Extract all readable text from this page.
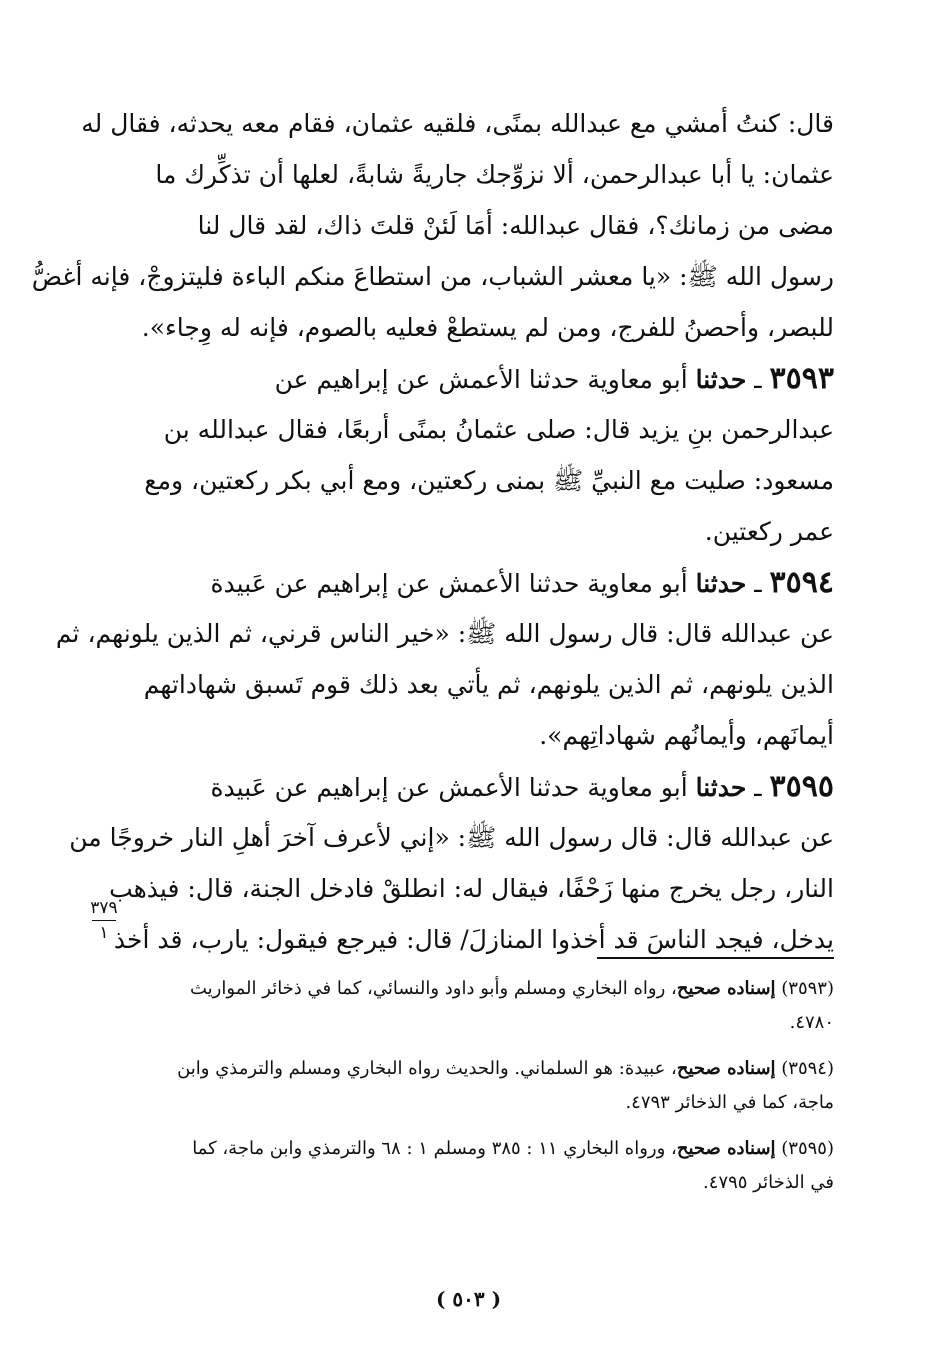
قال: كنتُ أمشي مع عبدالله بمنًى، فلقيه عثمان، فقام معه يحدثه، فقال له
عثمان: يا أبا عبدالرحمن، ألا نزوِّجك جاريةً شابةً، لعلها أن تذكِّرك ما
مضى من زمانك؟، فقال عبدالله: أمَا لَئنْ قلتَ ذاك، لقد قال لنا
رسول الله ﷺ: «يا معشر الشباب، من استطاعَ منكم الباءة فليتزوجْ، فإنه أغضُّ
للبصر، وأحصنُ للفرج، ومن لم يستطعْ فعليه بالصوم، فإنه له وِجاء».
٣٥٩٣ ـ حدثنا أبو معاوية حدثنا الأعمش عن إبراهيم عن
عبدالرحمن بنِ يزيد قال: صلى عثمانُ بمنًى أربعًا، فقال عبدالله بن
مسعود: صليت مع النبيِّ ﷺ بمنى ركعتين، ومع أبي بكر ركعتين، ومع
عمر ركعتين.
٣٥٩٤ ـ حدثنا أبو معاوية حدثنا الأعمش عن إبراهيم عن عَبيدة
عن عبدالله قال: قال رسول الله ﷺ: «خير الناس قرني، ثم الذين يلونهم، ثم
الذين يلونهم، ثم الذين يلونهم، ثم يأتي بعد ذلك قوم تَسبق شهاداتهم
أيمانَهم، وأيمانُهم شهاداتِهم».
٣٥٩٥ ـ حدثنا أبو معاوية حدثنا الأعمش عن إبراهيم عن عَبيدة
عن عبدالله قال: قال رسول الله ﷺ: «إني لأعرف آخرَ أهلِ النار خروجًا من
النار، رجل يخرج منها زَحْفًا، فيقال له: انطلقْ فادخل الجنة، قال: فيذهب
يدخل، فيجد الناسَ قد أخذوا المنازلَ/ قال: فيرجع فيقول: يارب، قد أخذ
٣٧٩
١
(٣٥٩٣) إسناده صحيح، رواه البخاري ومسلم وأبو داود والنسائي، كما في ذخائر المواريث
٤٧٨٠.
(٣٥٩٤) إسناده صحيح، عبيدة: هو السلماني. والحديث رواه البخاري ومسلم والترمذي وابن
ماجة، كما في الذخائر ٤٧٩٣.
(٣٥٩٥) إسناده صحيح، ورواه البخاري ١١ : ٣٨٥ ومسلم ١ : ٦٨ والترمذي وابن ماجة، كما
في الذخائر ٤٧٩٥.
( ٥٠٣ )
